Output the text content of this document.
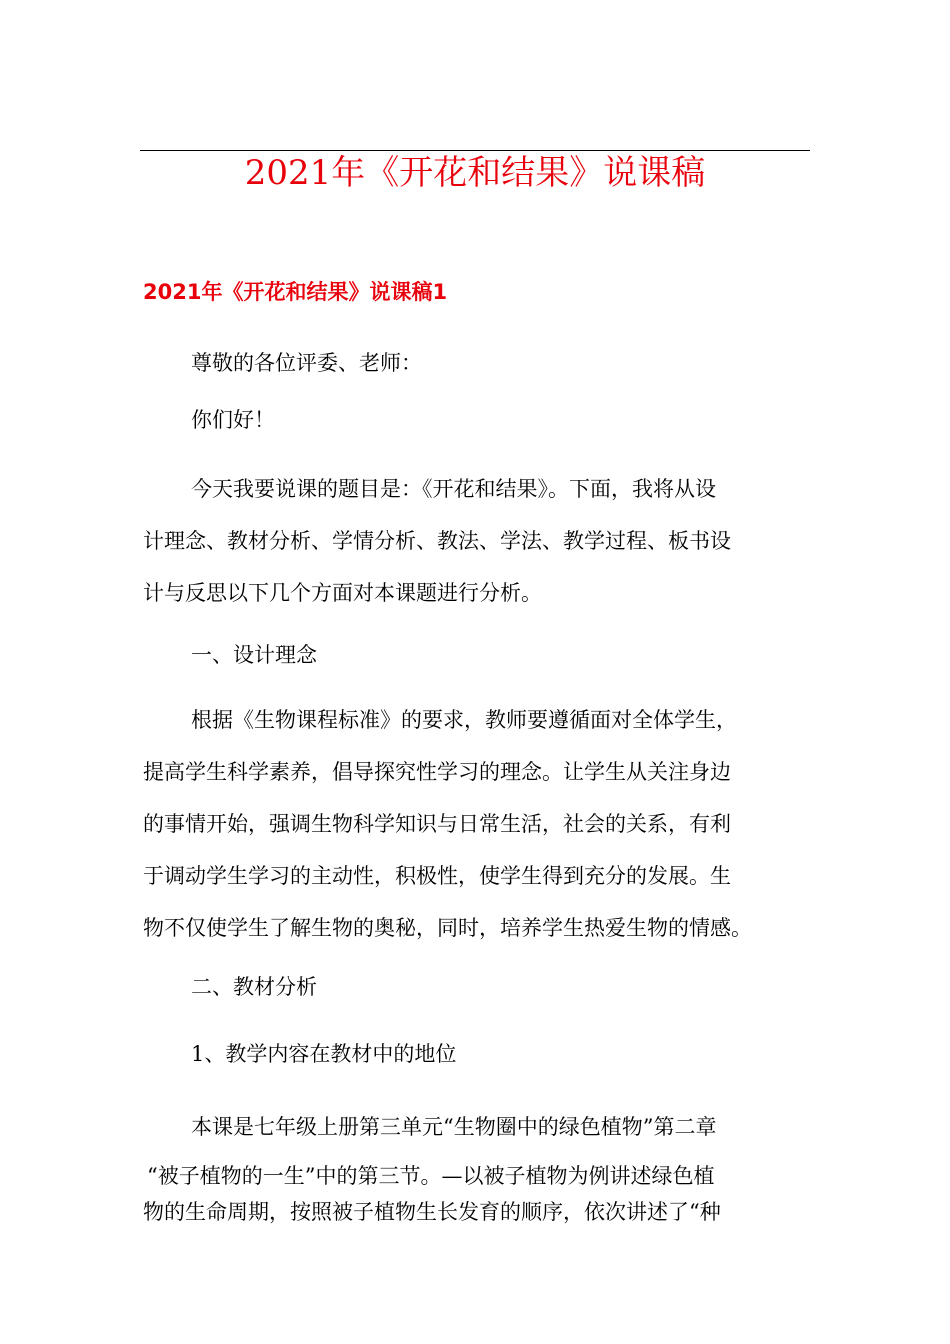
2021年《开花和结果》说课稿
2021年《开花和结果》说课稿1
尊敬的各位评委、老师：
你们好！
今天我要说课的题目是：《开花和结果》。下面，我将从设
计理念、教材分析、学情分析、教法、学法、教学过程、板书设
计与反思以下几个方面对本课题进行分析。
一、设计理念
根据《生物课程标准》的要求，教师要遵循面对全体学生，
提高学生科学素养，倡导探究性学习的理念。让学生从关注身边
的事情开始，强调生物科学知识与日常生活，社会的关系，有利
于调动学生学习的主动性，积极性，使学生得到充分的发展。生
物不仅使学生了解生物的奥秘，同时，培养学生热爱生物的情感。
二、教材分析
1、教学内容在教材中的地位
本课是七年级上册第三单元“生物圈中的绿色植物”第二章
“被子植物的一生”中的第三节。—以被子植物为例讲述绿色植
物的生命周期，按照被子植物生长发育的顺序，依次讲述了“种
